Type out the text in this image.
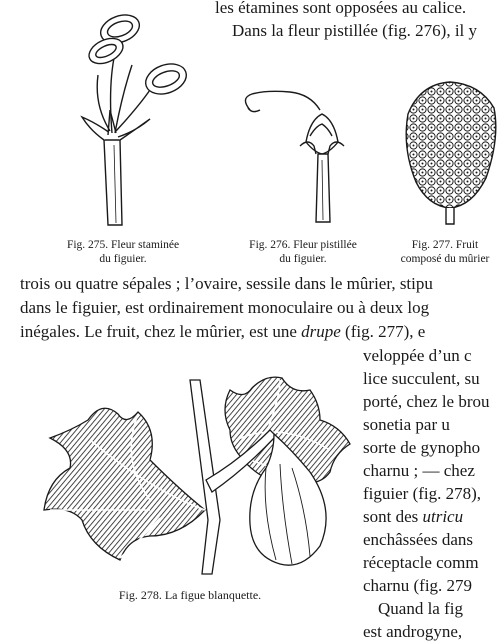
les étamines sont opposées au calice.
Dans la fleur pistillée (fig. 276), il y
Fig. 275. Fleur staminée
du figuier.
Fig. 276. Fleur pistillée
du figuier.
Fig. 277. Fruit
composé du mûrier
trois ou quatre sépales ; l’ovaire, sessile dans le mûrier, stipu
dans le figuier, est ordinairement monoculaire ou à deux log
inégales. Le fruit, chez le mûrier, est une drupe (fig. 277), e
Fig. 278. La figue blanquette.
veloppée d’un c
lice succulent, su
porté, chez le brou
sonetia par u
sorte de gynopho
charnu ; — chez
figuier (fig. 278),
sont des utricu
enchâssées dans
réceptacle comm
charnu (fig. 279
Quand la fig
est androgyne,
